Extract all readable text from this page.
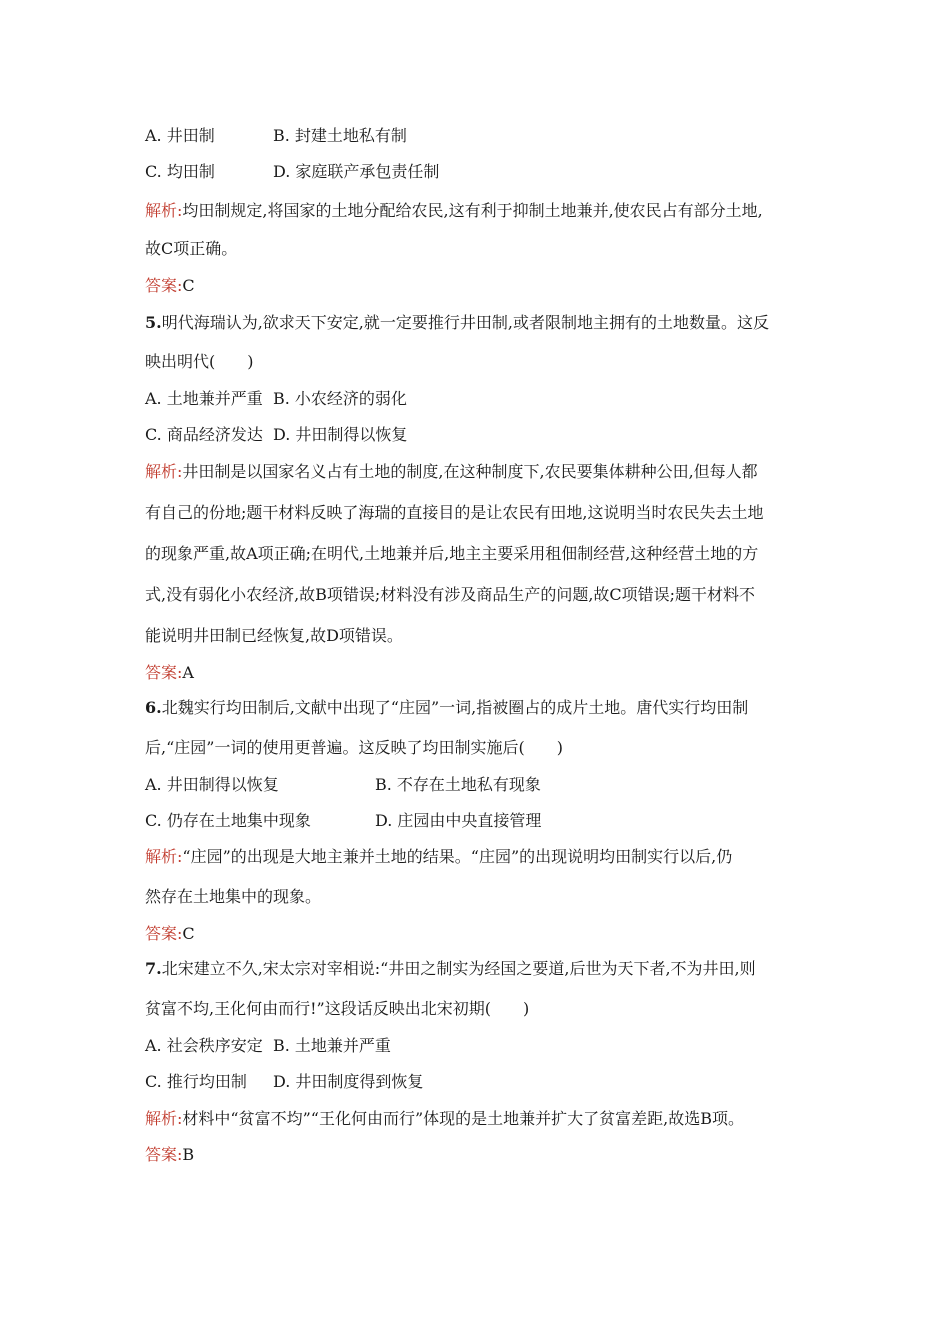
A. 井田制	B. 封建土地私有制
C. 均田制	D. 家庭联产承包责任制
解析:均田制规定,将国家的土地分配给农民,这有利于抑制土地兼并,使农民占有部分土地,
故C项正确。
答案:C
5.明代海瑞认为,欲求天下安定,就一定要推行井田制,或者限制地主拥有的土地数量。这反
映出明代(　　)
A. 土地兼并严重 B. 小农经济的弱化
C. 商品经济发达 D. 井田制得以恢复
解析:井田制是以国家名义占有土地的制度,在这种制度下,农民要集体耕种公田,但每人都
有自己的份地;题干材料反映了海瑞的直接目的是让农民有田地,这说明当时农民失去土地
的现象严重,故A项正确;在明代,土地兼并后,地主主要采用租佃制经营,这种经营土地的方
式,没有弱化小农经济,故B项错误;材料没有涉及商品生产的问题,故C项错误;题干材料不
能说明井田制已经恢复,故D项错误。
答案:A
6.北魏实行均田制后,文献中出现了“庄园”一词,指被圈占的成片土地。唐代实行均田制
后,“庄园”一词的使用更普遍。这反映了均田制实施后(　　)
A. 井田制得以恢复	B. 不存在土地私有现象
C. 仍存在土地集中现象	D. 庄园由中央直接管理
解析:“庄园”的出现是大地主兼并土地的结果。“庄园”的出现说明均田制实行以后,仍
然存在土地集中的现象。
答案:C
7.北宋建立不久,宋太宗对宰相说:“井田之制实为经国之要道,后世为天下者,不为井田,则
贫富不均,王化何由而行!”这段话反映出北宋初期(　　)
A. 社会秩序安定 B. 土地兼并严重
C. 推行均田制 D. 井田制度得到恢复
解析:材料中“贫富不均”“王化何由而行”体现的是土地兼并扩大了贫富差距,故选B项。
答案:B
